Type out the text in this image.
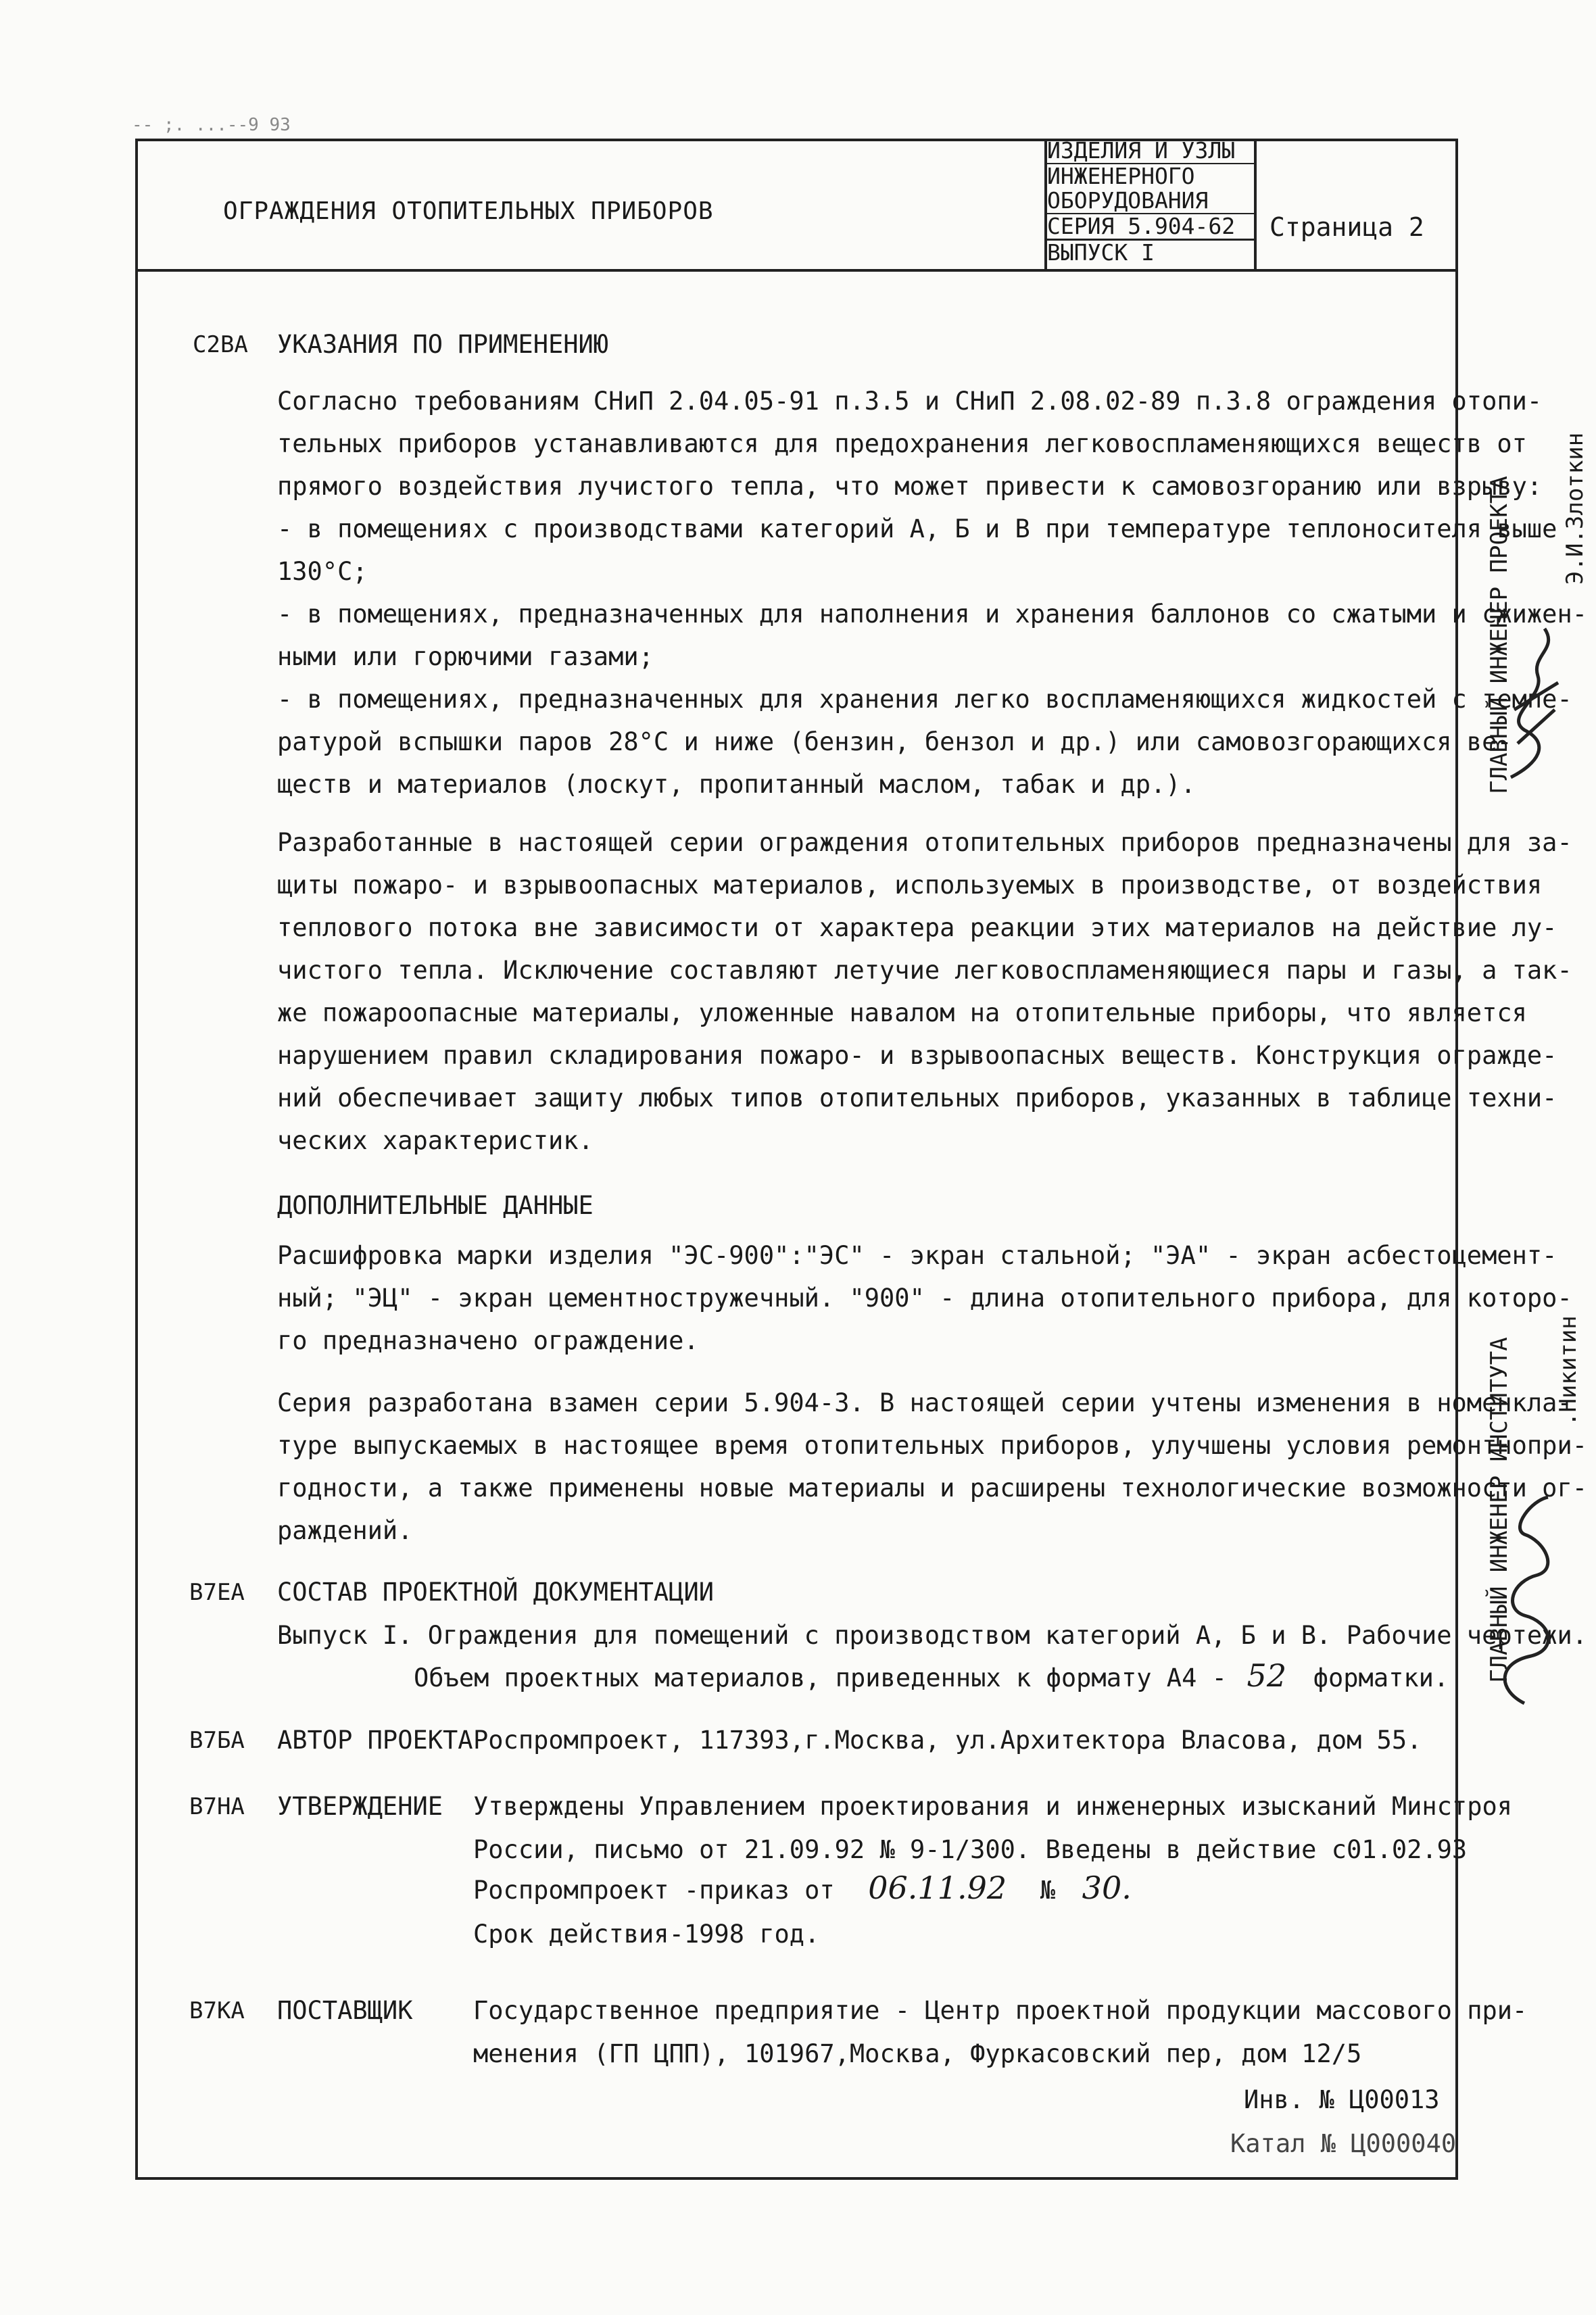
-- ;. ...--9 93
ОГРАЖДЕНИЯ ОТОПИТЕЛЬНЫХ ПРИБОРОВ
ИЗДЕЛИЯ И УЗЛЫ
ИНЖЕНЕРНОГО
ОБОРУДОВАНИЯ
СЕРИЯ 5.904-62
ВЫПУСК I
Страница 2
C2BA УКАЗАНИЯ ПО ПРИМЕНЕНИЮ
Согласно требованиям СНиП 2.04.05-91 п.3.5 и СНиП 2.08.02-89 п.3.8 ограждения отопи-
тельных приборов устанавливаются для предохранения легковоспламеняющихся веществ от
прямого воздействия лучистого тепла, что может привести к самовозгоранию или взрыву:
- в помещениях с производствами категорий А, Б и В при температуре теплоносителя выше
130°С;
- в помещениях, предназначенных для наполнения и хранения баллонов со сжатыми и сжижен-
ными или горючими газами;
- в помещениях, предназначенных для хранения легко воспламеняющихся жидкостей с темпе-
ратурой вспышки паров 28°С и ниже (бензин, бензол и др.) или самовозгорающихся ве-
ществ и материалов (лоскут, пропитанный маслом, табак и др.).
Разработанные в настоящей серии ограждения отопительных приборов предназначены для за-
щиты пожаро- и взрывоопасных материалов, используемых в производстве, от воздействия
теплового потока вне зависимости от характера реакции этих материалов на действие лу-
чистого тепла. Исключение составляют летучие легковоспламеняющиеся пары и газы, а так-
же пожароопасные материалы, уложенные навалом на отопительные приборы, что является
нарушением правил складирования пожаро- и взрывоопасных веществ. Конструкция огражде-
ний обеспечивает защиту любых типов отопительных приборов, указанных в таблице техни-
ческих характеристик.
ДОПОЛНИТЕЛЬНЫЕ ДАННЫЕ
Расшифровка марки изделия "ЭС-900":"ЭС" - экран стальной; "ЭА" - экран асбестоцемент-
ный; "ЭЦ" - экран цементностружечный. "900" - длина отопительного прибора, для которо-
го предназначено ограждение.
Серия разработана взамен серии 5.904-3. В настоящей серии учтены изменения в номенкла-
туре выпускаемых в настоящее время отопительных приборов, улучшены условия ремонтнопри-
годности, а также применены новые материалы и расширены технологические возможности ог-
раждений.
B7EA СОСТАВ ПРОЕКТНОЙ ДОКУМЕНТАЦИИ
Выпуск I. Ограждения для помещений с производством категорий А, Б и В. Рабочие чертежи.
Объем проектных материалов, приведенных к формату А4 - 52 форматки.
B7БA АВТОР ПРОЕКТА Роспромпроект, 117393,г.Москва, ул.Архитектора Власова, дом 55.
B7HA УТВЕРЖДЕНИЕ Утверждены Управлением проектирования и инженерных изысканий Минстроя
России, письмо от 21.09.92 № 9-1/300. Введены в действие с01.02.93
Роспромпроект -приказ от 06.11.92 № 30.
Срок действия-1998 год.
B7KA ПОСТАВЩИК Государственное предприятие - Центр проектной продукции массового при-
менения (ГП ЦПП), 101967,Москва, Фуркасовский пер, дом 12/5
Инв. № Ц00013
Катал № Ц000040
ГЛАВНЫЙ ИНЖЕНЕР ПРОЕКТА Э.И.Злоткин
ГЛАВНЫЙ ИНЖЕНЕР ИНСТИТУТА .Никитин
